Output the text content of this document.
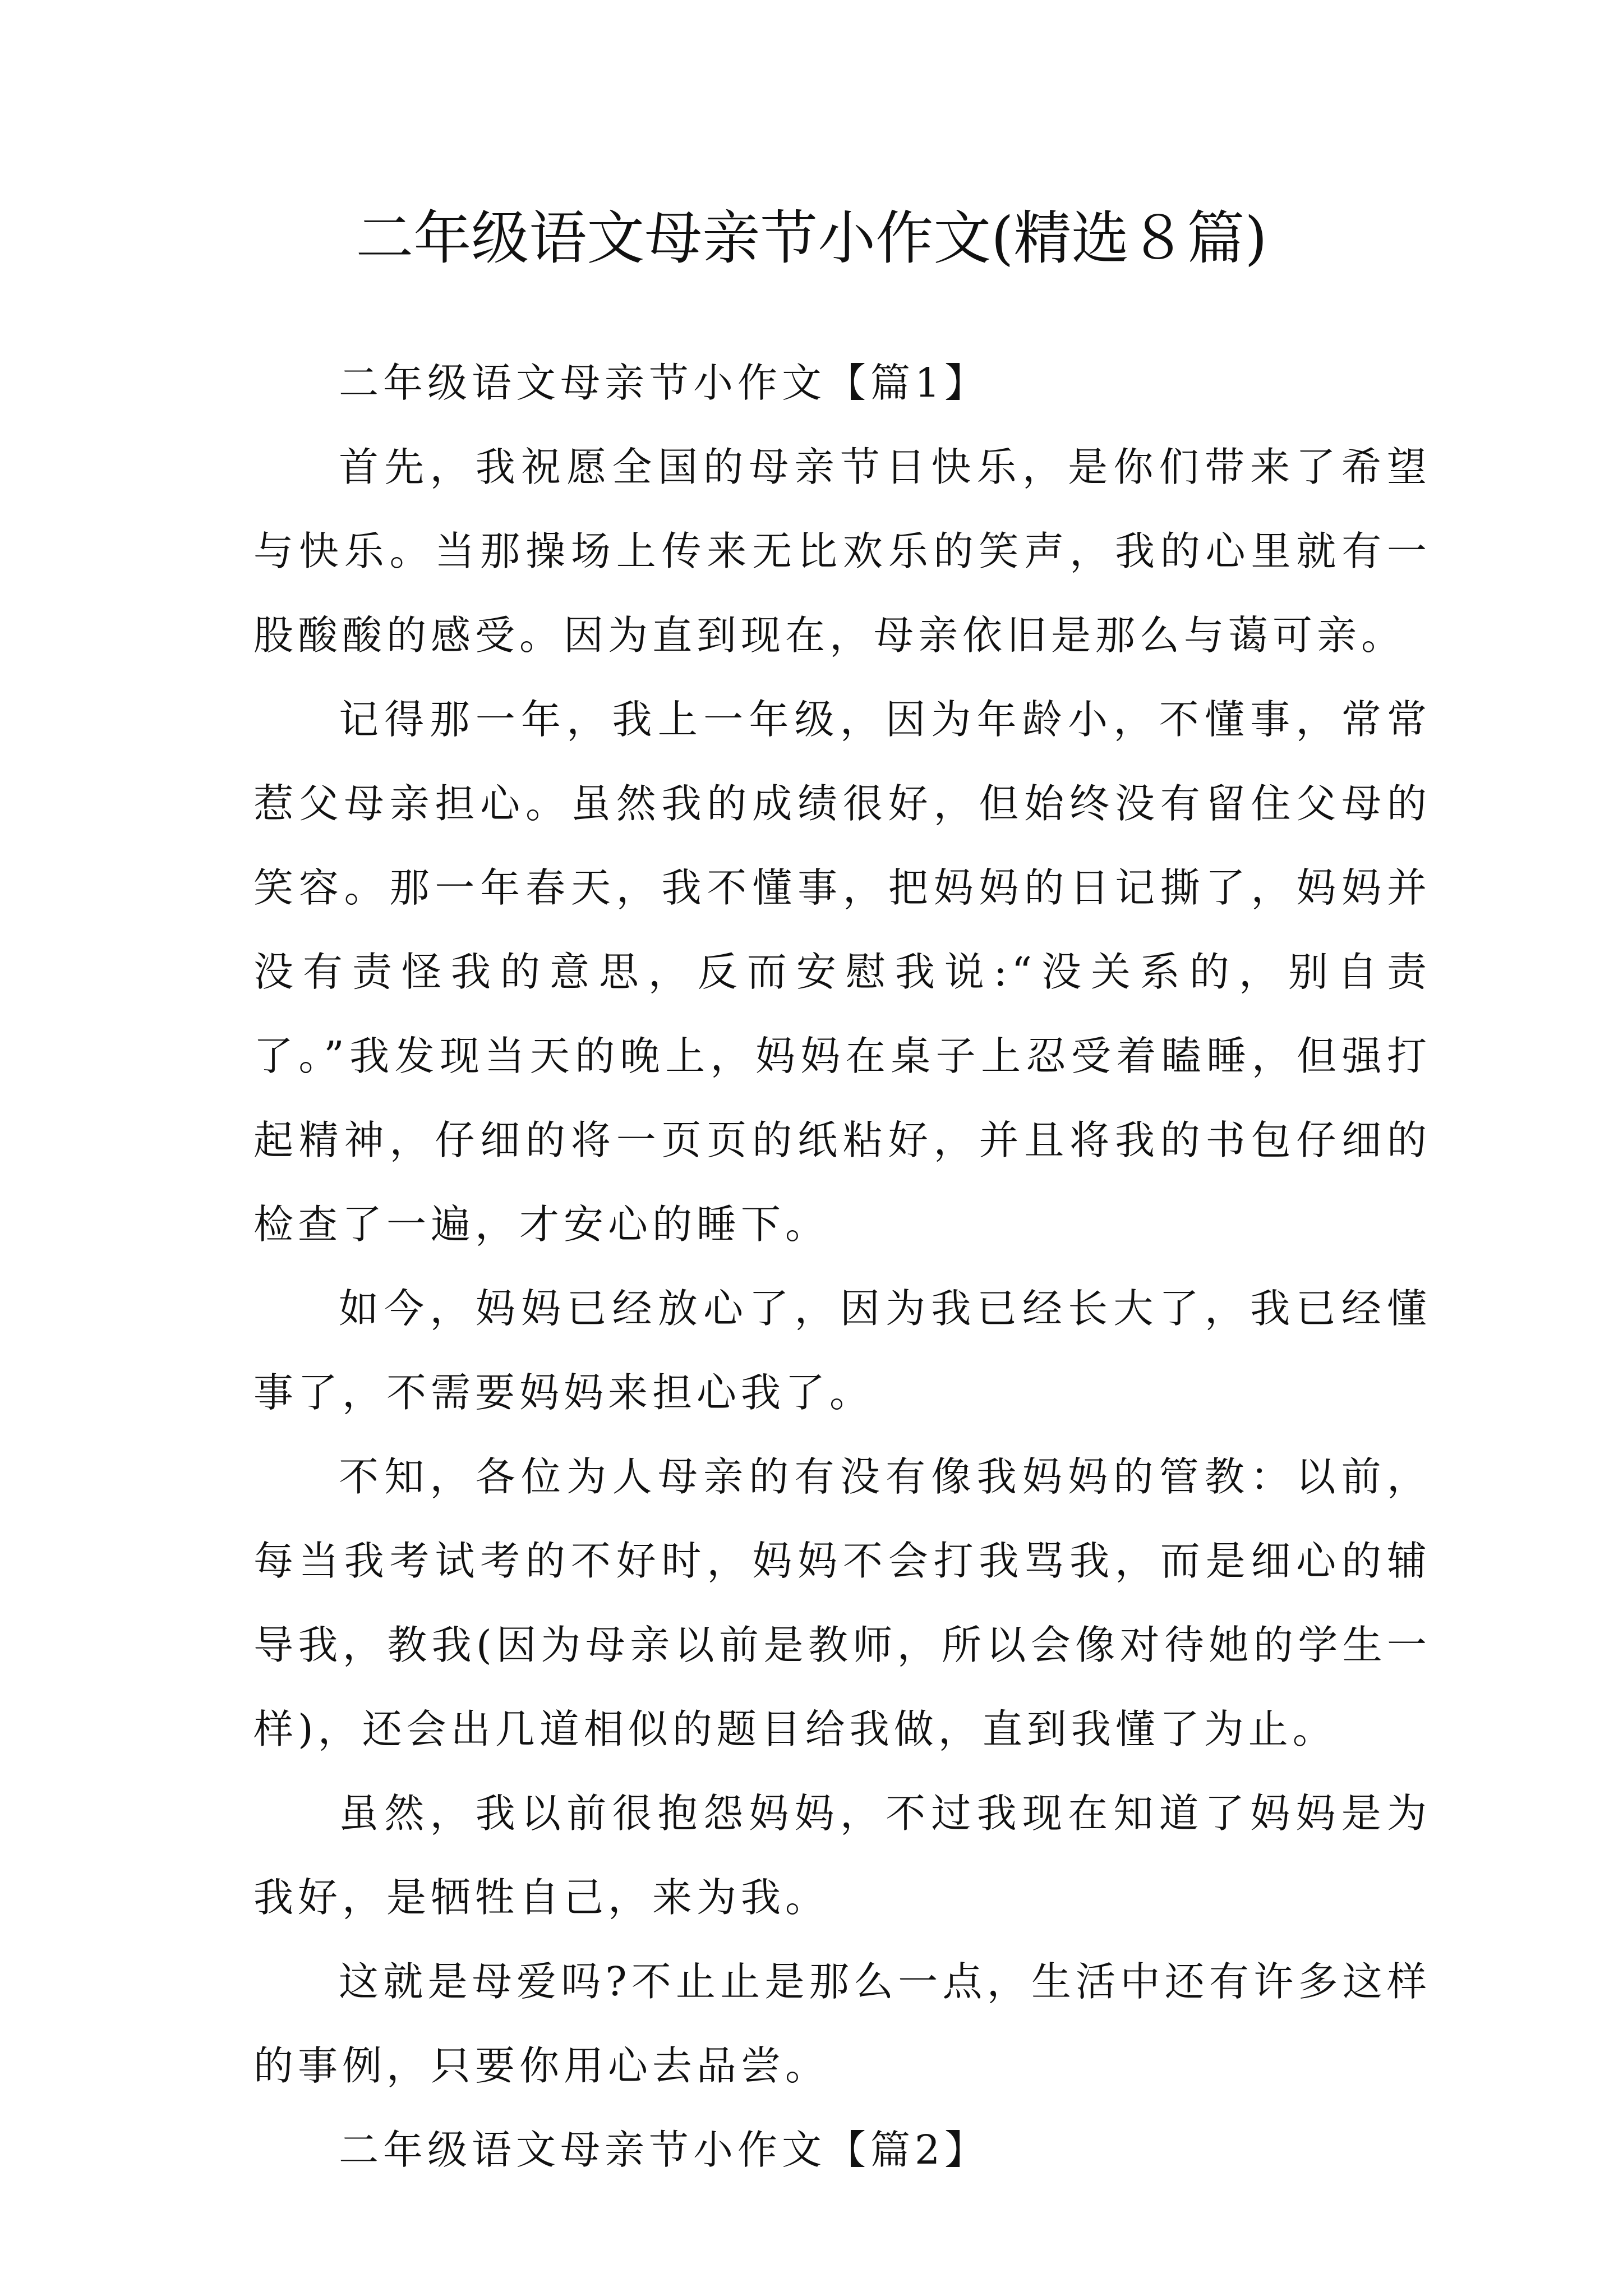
二年级语文母亲节小作文(精选８篇)

二年级语文母亲节小作文【篇1】

首先，我祝愿全国的母亲节日快乐，是你们带来了希望与快乐。当那操场上传来无比欢乐的笑声，我的心里就有一股酸酸的感受。因为直到现在，母亲依旧是那么与蔼可亲。

记得那一年，我上一年级，因为年龄小，不懂事，常常惹父母亲担心。虽然我的成绩很好，但始终没有留住父母的笑容。那一年春天，我不懂事，把妈妈的日记撕了，妈妈并没有责怪我的意思，反而安慰我说:“没关系的，别自责了。”我发现当天的晚上，妈妈在桌子上忍受着瞌睡，但强打起精神，仔细的将一页页的纸粘好，并且将我的书包仔细的检查了一遍，才安心的睡下。

如今，妈妈已经放心了，因为我已经长大了，我已经懂事了，不需要妈妈来担心我了。

不知，各位为人母亲的有没有像我妈妈的管教：以前，每当我考试考的不好时，妈妈不会打我骂我，而是细心的辅导我，教我(因为母亲以前是教师，所以会像对待她的学生一样)，还会出几道相似的题目给我做，直到我懂了为止。

虽然，我以前很抱怨妈妈，不过我现在知道了妈妈是为我好，是牺牲自己，来为我。

这就是母爱吗?不止止是那么一点，生活中还有许多这样的事例，只要你用心去品尝。

二年级语文母亲节小作文【篇2】
